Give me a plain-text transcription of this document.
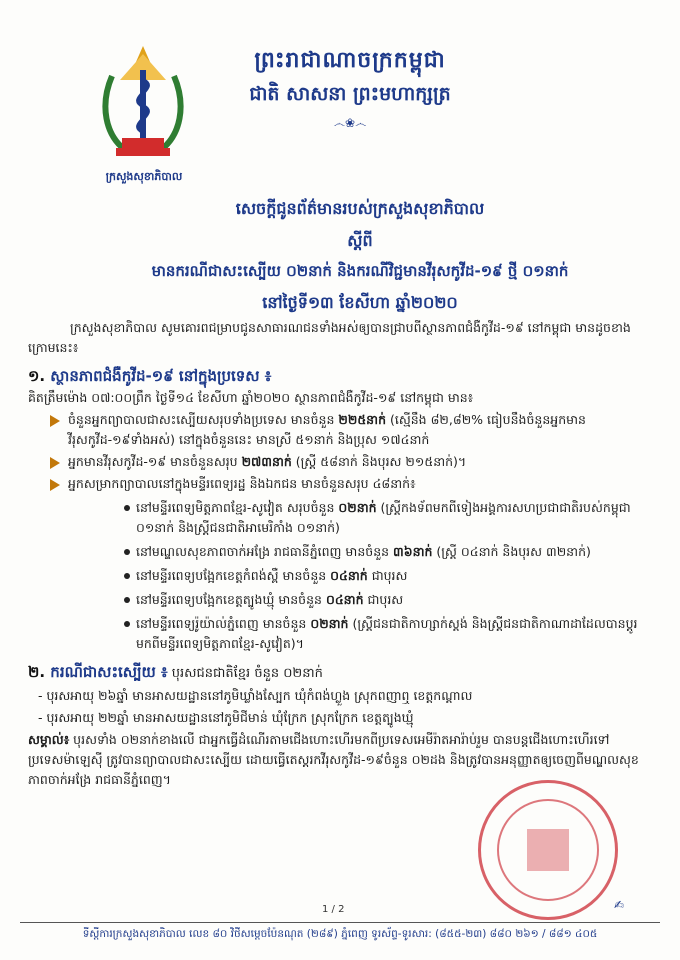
ក្រសួងសុខាភិបាល
ព្រះរាជាណាចក្រកម្ពុជា
ជាតិ សាសនា ព្រះមហាក្សត្រ
෴❀෴
សេចក្តីជូនព័ត៌មានរបស់ក្រសួងសុខាភិបាល
ស្តីពី
មានករណីជាសះស្បើយ ០២នាក់ និងករណីវិជ្ជមានវីរុសកូវីដ-១៩ ថ្មី ០១នាក់
នៅថ្ងៃទី១៣ ខែសីហា ឆ្នាំ២០២០
ក្រសួងសុខាភិបាល សូមគោរពជម្រាបជូនសាធារណជនទាំងអស់ឲ្យបានជ្រាបពីស្ថានភាពជំងឺកូវីដ-១៩ នៅកម្ពុជា មានដូចខាងក្រោមនេះ៖
១. ស្ថានភាពជំងឺកូវីដ-១៩ នៅក្នុងប្រទេស ៖
គិតត្រឹមម៉ោង ០៧:០០ព្រឹក ថ្ងៃទី១៤ ខែសីហា ឆ្នាំ២០២០ ស្ថានភាពជំងឺកូវីដ-១៩ នៅកម្ពុជា មាន៖
ចំនួនអ្នកព្យាបាលជាសះស្បើយសរុបទាំងប្រទេស មានចំនួន ២២៥នាក់ (ស្មើនឹង ៨២,៨២% ធៀបនឹងចំនួនអ្នកមានវីរុសកូវីដ-១៩ទាំងអស់) នៅក្នុងចំនួននេះ មានស្រី ៥១នាក់ និងប្រុស ១៧៤នាក់
អ្នកមានវីរុសកូវីដ-១៩ មានចំនួនសរុប ២៧៣នាក់ (ស្ត្រី ៥៨នាក់ និងបុរស ២១៥នាក់)។
អ្នកសម្រាកព្យាបាលនៅក្នុងមន្ទីរពេទ្យរដ្ឋ និងឯកជន មានចំនួនសរុប ៤៨នាក់៖
នៅមន្ទីរពេទ្យមិត្តភាពខ្មែរ-សូវៀត សរុបចំនួន ០២នាក់ (ស្ត្រីកងទ័ពមកពីទៀងអង្គការសហប្រជាជាតិរបស់កម្ពុជា ០១នាក់ និងស្ត្រីជនជាតិអាមេរិកាំង ០១នាក់)
នៅមណ្ឌលសុខភាពចាក់អង្រែ រាជធានីភ្នំពេញ មានចំនួន ៣៦នាក់ (ស្ត្រី ០៤នាក់ និងបុរស ៣២នាក់)
នៅមន្ទីរពេទ្យបង្អែកខេត្តកំពង់ស្ពឺ មានចំនួន ០៤នាក់ ជាបុរស
នៅមន្ទីរពេទ្យបង្អែកខេត្តត្បូងឃ្មុំ មានចំនួន ០៤នាក់ ជាបុរស
នៅមន្ទីរពេទ្យរ៉ូយ៉ាល់ភ្នំពេញ មានចំនួន ០២នាក់ (ស្ត្រីជនជាតិកាហ្សាក់ស្តង់ និងស្ត្រីជនជាតិកាណាដាដែលបានប្តូរមកពីមន្ទីរពេទ្យមិត្តភាពខ្មែរ-សូវៀត)។
២. ករណីជាសះស្បើយ ៖ បុរសជនជាតិខ្មែរ ចំនួន ០២នាក់
- បុរសអាយុ ២៦ឆ្នាំ មានអាសយដ្ឋាននៅភូមិឃ្លាំងស្បែក ឃុំកំពង់ហ្លួង ស្រុកពញាឮ ខេត្តកណ្តាល
- បុរសអាយុ ២២ឆ្នាំ មានអាសយដ្ឋាននៅភូមិជីមាន់ ឃុំក្រែក ស្រុកក្រែក ខេត្តត្បូងឃ្មុំ
សម្គាល់៖ បុរសទាំង ០២នាក់ខាងលើ ជាអ្នកធ្វើដំណើរតាមជើងហោះហើរមកពីប្រទេសអេមីរ៉ាតអារ៉ាប់រួម បានបន្តជើងហោះហើរទៅប្រទេសម៉ាឡេស៊ី ត្រូវបានព្យាបាលជាសះស្បើយ ដោយធ្វើតេស្តរកវីរុសកូវីដ-១៩ចំនួន ០២ដង និងត្រូវបានអនុញ្ញាតឲ្យចេញពីមណ្ឌលសុខភាពចាក់អង្រែ រាជធានីភ្នំពេញ។
✍
1 / 2
ទីស្តីការក្រសួងសុខាភិបាល លេខ ៨០ វិថីសម្តេចប៉ែនណុត (២៨៩) ភ្នំពេញ ទូរស័ព្ទ-ទូរសារ: (៨៥៥-២៣) ៨៨០ ២៦១ / ៨៨១ ៤០៥
